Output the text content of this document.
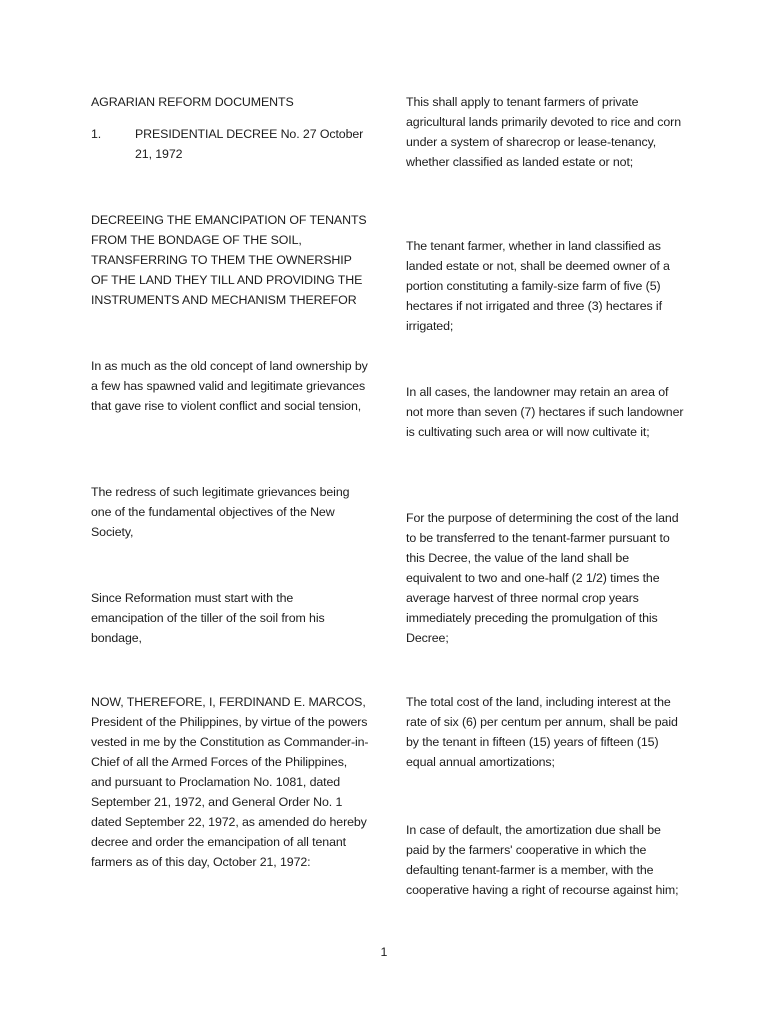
AGRARIAN REFORM DOCUMENTS

1.	PRESIDENTIAL DECREE No. 27 October 21, 1972

DECREEING THE EMANCIPATION OF TENANTS FROM THE BONDAGE OF THE SOIL, TRANSFERRING TO THEM THE OWNERSHIP OF THE LAND THEY TILL AND PROVIDING THE INSTRUMENTS AND MECHANISM THEREFOR

In as much as the old concept of land ownership by a few has spawned valid and legitimate grievances that gave rise to violent conflict and social tension,

The redress of such legitimate grievances being one of the fundamental objectives of the New Society,

Since Reformation must start with the emancipation of the tiller of the soil from his bondage,

NOW, THEREFORE, I, FERDINAND E. MARCOS, President of the Philippines, by virtue of the powers vested in me by the Constitution as Commander-in-Chief of all the Armed Forces of the Philippines, and pursuant to Proclamation No. 1081, dated September 21, 1972, and General Order No. 1 dated September 22, 1972, as amended do hereby decree and order the emancipation of all tenant farmers as of this day, October 21, 1972:

This shall apply to tenant farmers of private agricultural lands primarily devoted to rice and corn under a system of sharecrop or lease-tenancy, whether classified as landed estate or not;

The tenant farmer, whether in land classified as landed estate or not, shall be deemed owner of a portion constituting a family-size farm of five (5) hectares if not irrigated and three (3) hectares if irrigated;

In all cases, the landowner may retain an area of not more than seven (7) hectares if such landowner is cultivating such area or will now cultivate it;

For the purpose of determining the cost of the land to be transferred to the tenant-farmer pursuant to this Decree, the value of the land shall be equivalent to two and one-half (2 1/2) times the average harvest of three normal crop years immediately preceding the promulgation of this Decree;

The total cost of the land, including interest at the rate of six (6) per centum per annum, shall be paid by the tenant in fifteen (15) years of fifteen (15) equal annual amortizations;

In case of default, the amortization due shall be paid by the farmers' cooperative in which the defaulting tenant-farmer is a member, with the cooperative having a right of recourse against him;

1
